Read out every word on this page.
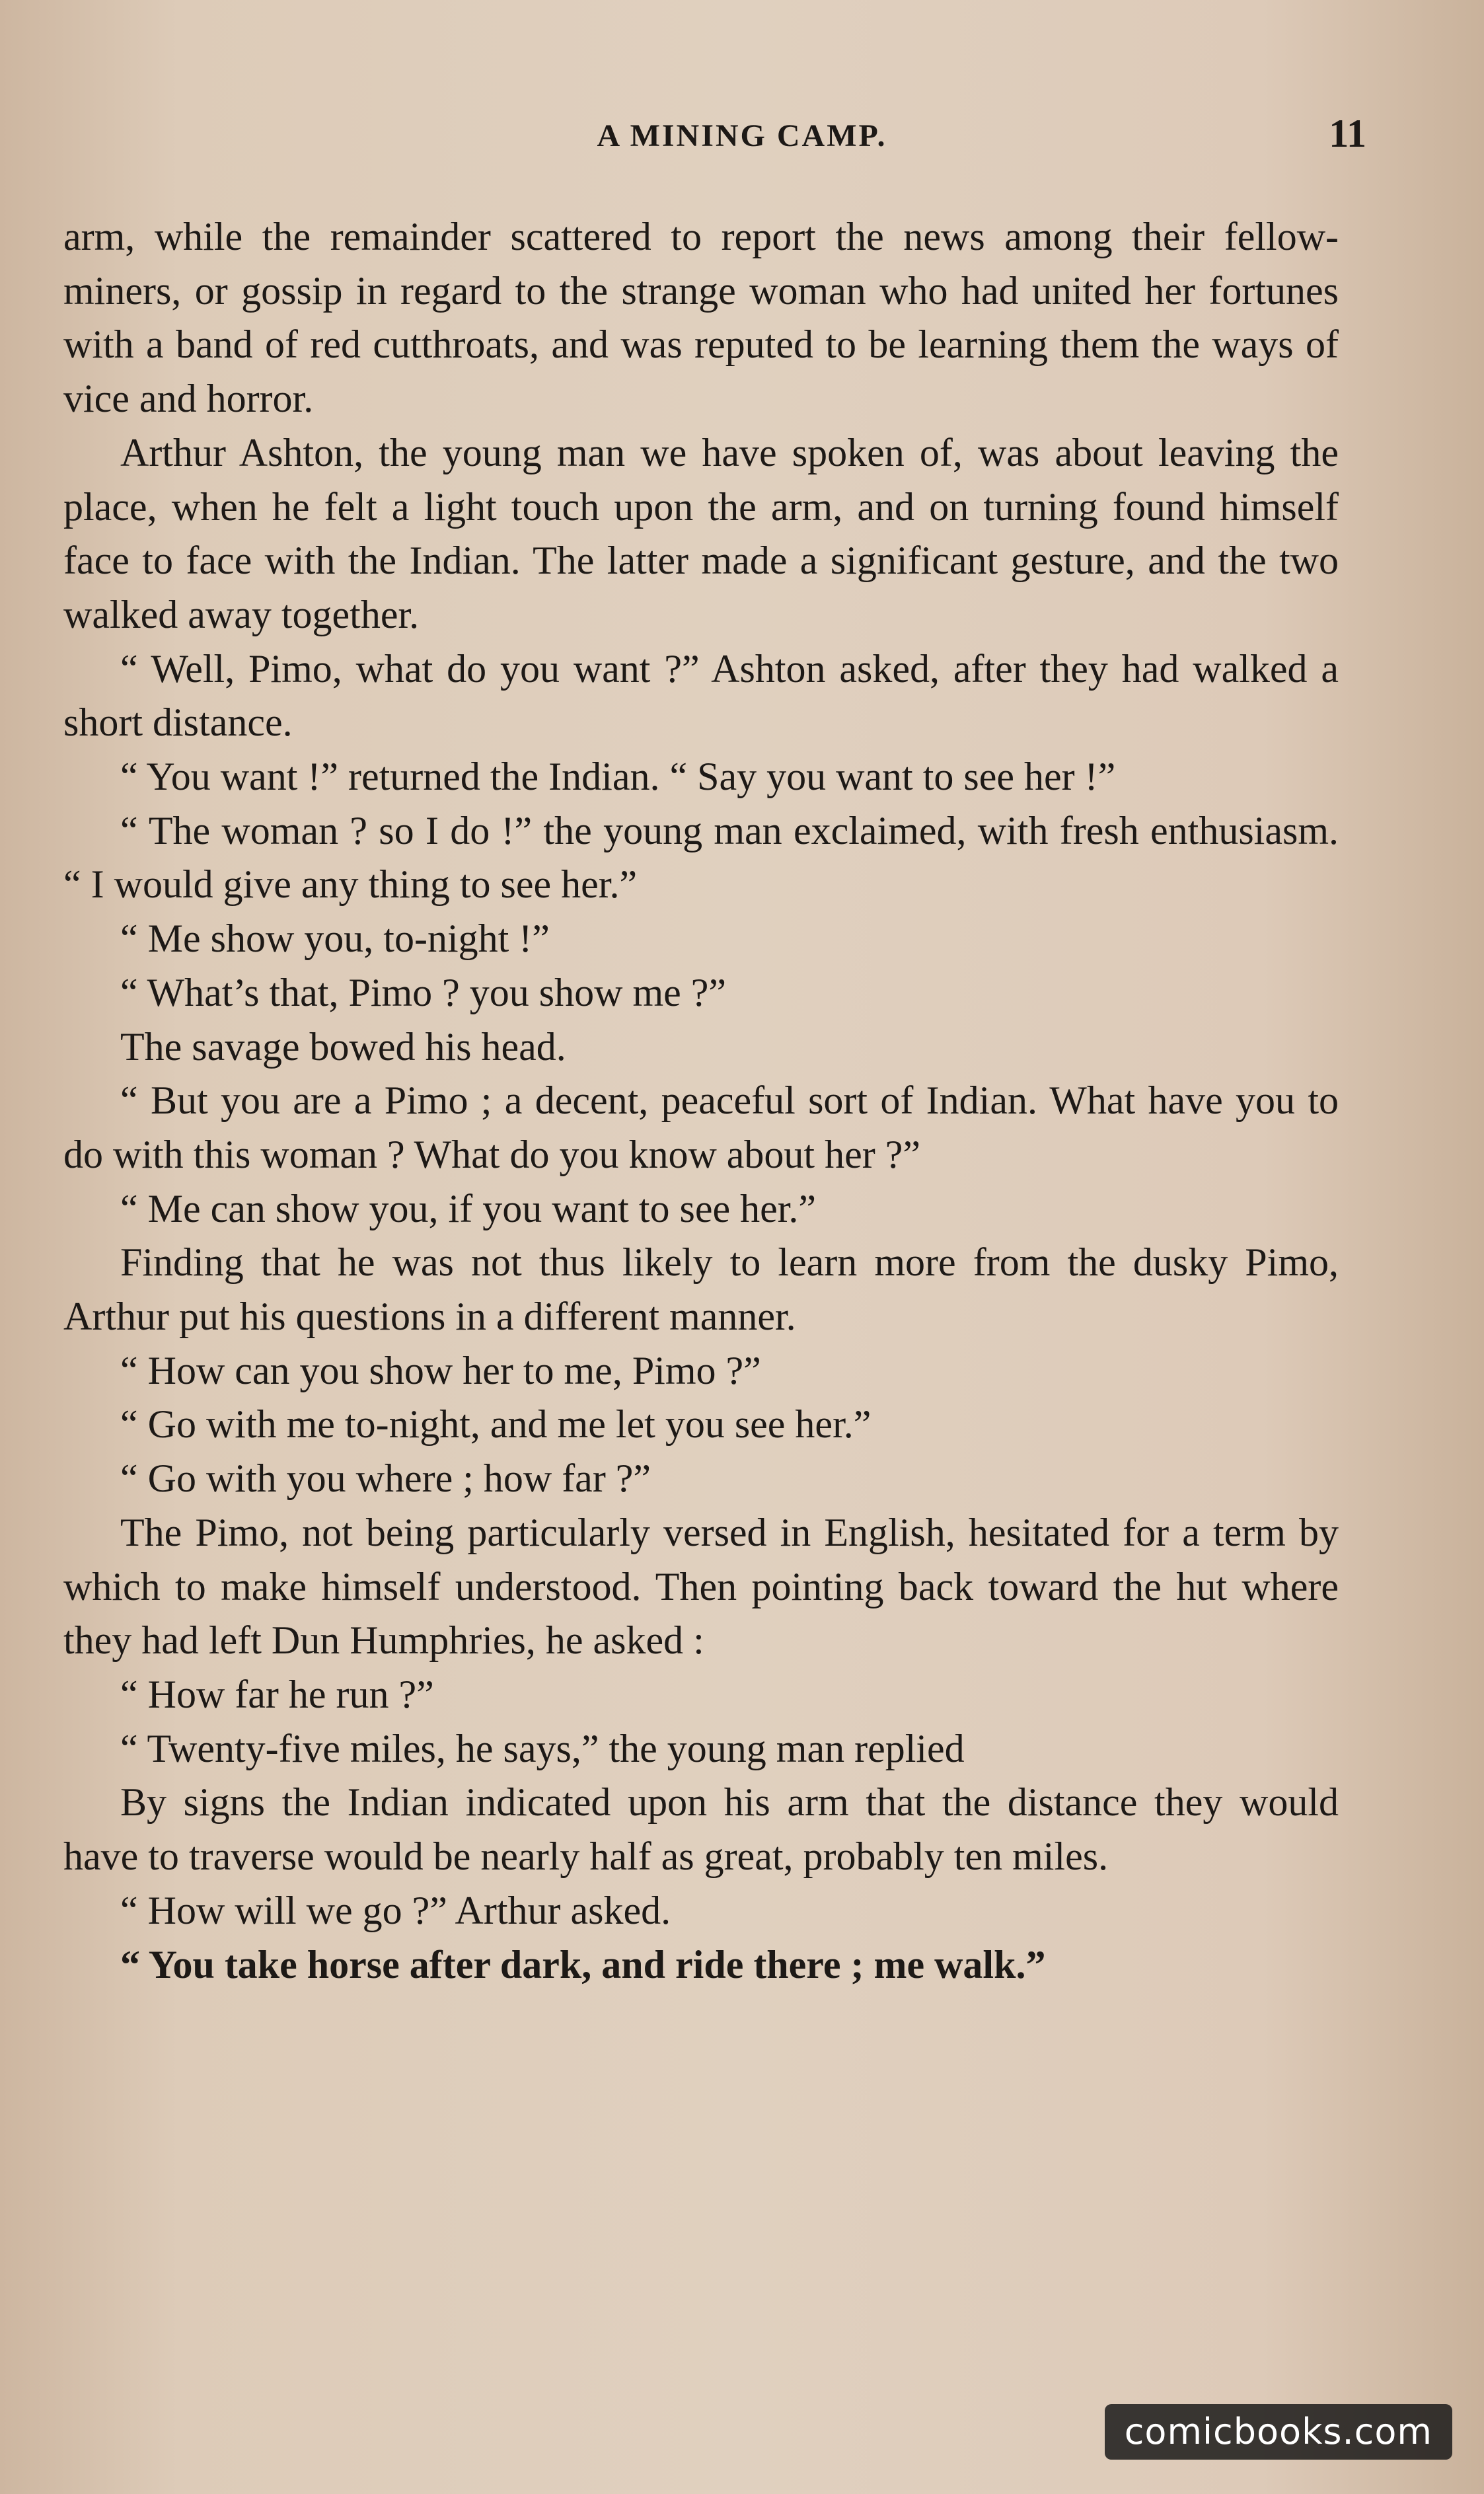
A MINING CAMP.	11

arm, while the remainder scattered to report the news among their fellow-miners, or gossip in regard to the strange woman who had united her fortunes with a band of red cutthroats, and was reputed to be learning them the ways of vice and horror.

Arthur Ashton, the young man we have spoken of, was about leaving the place, when he felt a light touch upon the arm, and on turning found himself face to face with the Indian. The latter made a significant gesture, and the two walked away together.

“ Well, Pimo, what do you want ?” Ashton asked, after they had walked a short distance.

“ You want !” returned the Indian. “ Say you want to see her !”

“ The woman ? so I do !” the young man exclaimed, with fresh enthusiasm. “ I would give any thing to see her.”

“ Me show you, to-night !”

“ What’s that, Pimo ? you show me ?”

The savage bowed his head.

“ But you are a Pimo ; a decent, peaceful sort of Indian. What have you to do with this woman ? What do you know about her ?”

“ Me can show you, if you want to see her.”

Finding that he was not thus likely to learn more from the dusky Pimo, Arthur put his questions in a different manner.

“ How can you show her to me, Pimo ?”

“ Go with me to-night, and me let you see her.”

“ Go with you where ; how far ?”

The Pimo, not being particularly versed in English, hesitated for a term by which to make himself understood. Then pointing back toward the hut where they had left Dun Humphries, he asked :

“ How far he run ?”

“ Twenty-five miles, he says,” the young man replied

By signs the Indian indicated upon his arm that the distance they would have to traverse would be nearly half as great, probably ten miles.

“ How will we go ?” Arthur asked.

“ You take horse after dark, and ride there ; me walk.”

comicbooks.com
